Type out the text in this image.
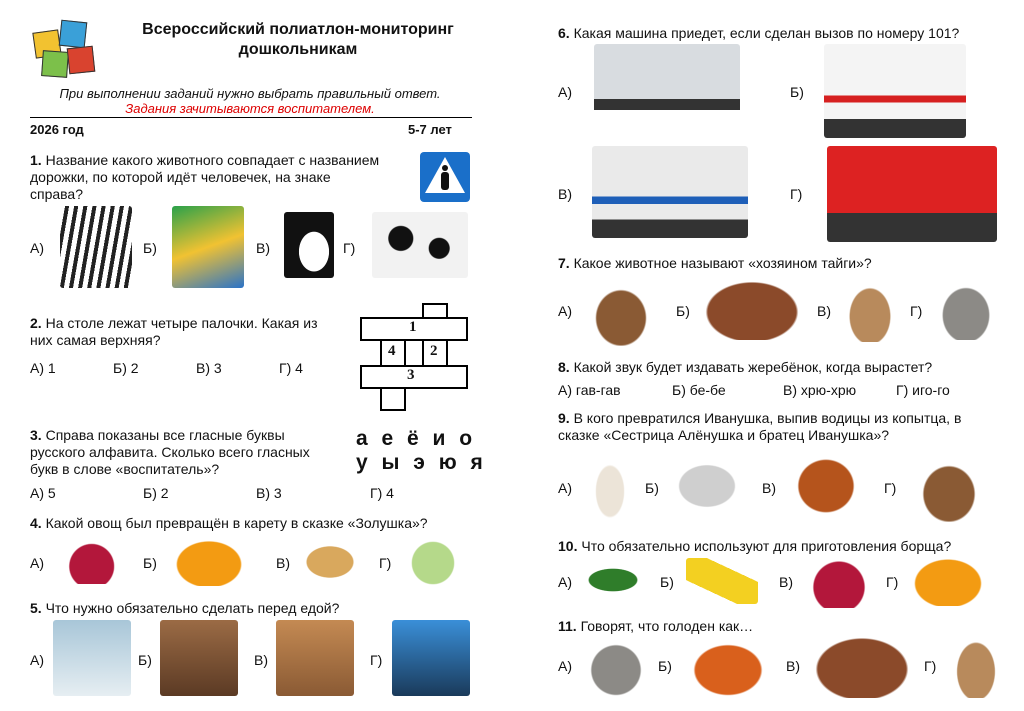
Всероссийский полиатлон-мониторинг
дошкольникам
При выполнении заданий нужно выбрать правильный ответ.
Задания зачитываются воспитателем.
2026 год	5-7 лет
1. Название какого животного совпадает с названием
дорожки, по которой идёт человечек, на знаке
справа?
А)	Б)	В)	Г)
2. На столе лежат четыре палочки. Какая из
них самая верхняя?
А) 1	Б) 2	В) 3	Г) 4
1
2
3
4
3. Справа показаны все гласные буквы
русского алфавита. Сколько всего гласных
букв в слове «воспитатель»?
а е ё и о
у ы э ю я
А) 5	Б) 2	В) 3	Г) 4
4. Какой овощ был превращён в карету в сказке «Золушка»?
А)	Б)	В)	Г)
5. Что нужно обязательно сделать перед едой?
А)	Б)	В)	Г)
6. Какая машина приедет, если сделан вызов по номеру 101?
А)	Б)
В)	Г)
7. Какое животное называют «хозяином тайги»?
А)	Б)	В)	Г)
8. Какой звук будет издавать жеребёнок, когда вырастет?
А) гав-гав	Б) бе-бе	В) хрю-хрю	Г) иго-го
9. В кого превратился Иванушка, выпив водицы из копытца, в
сказке «Сестрица Алёнушка и братец Иванушка»?
А)	Б)	В)	Г)
10. Что обязательно используют для приготовления борща?
А)	Б)	В)	Г)
11. Говорят, что голоден как…
А)	Б)	В)	Г)
